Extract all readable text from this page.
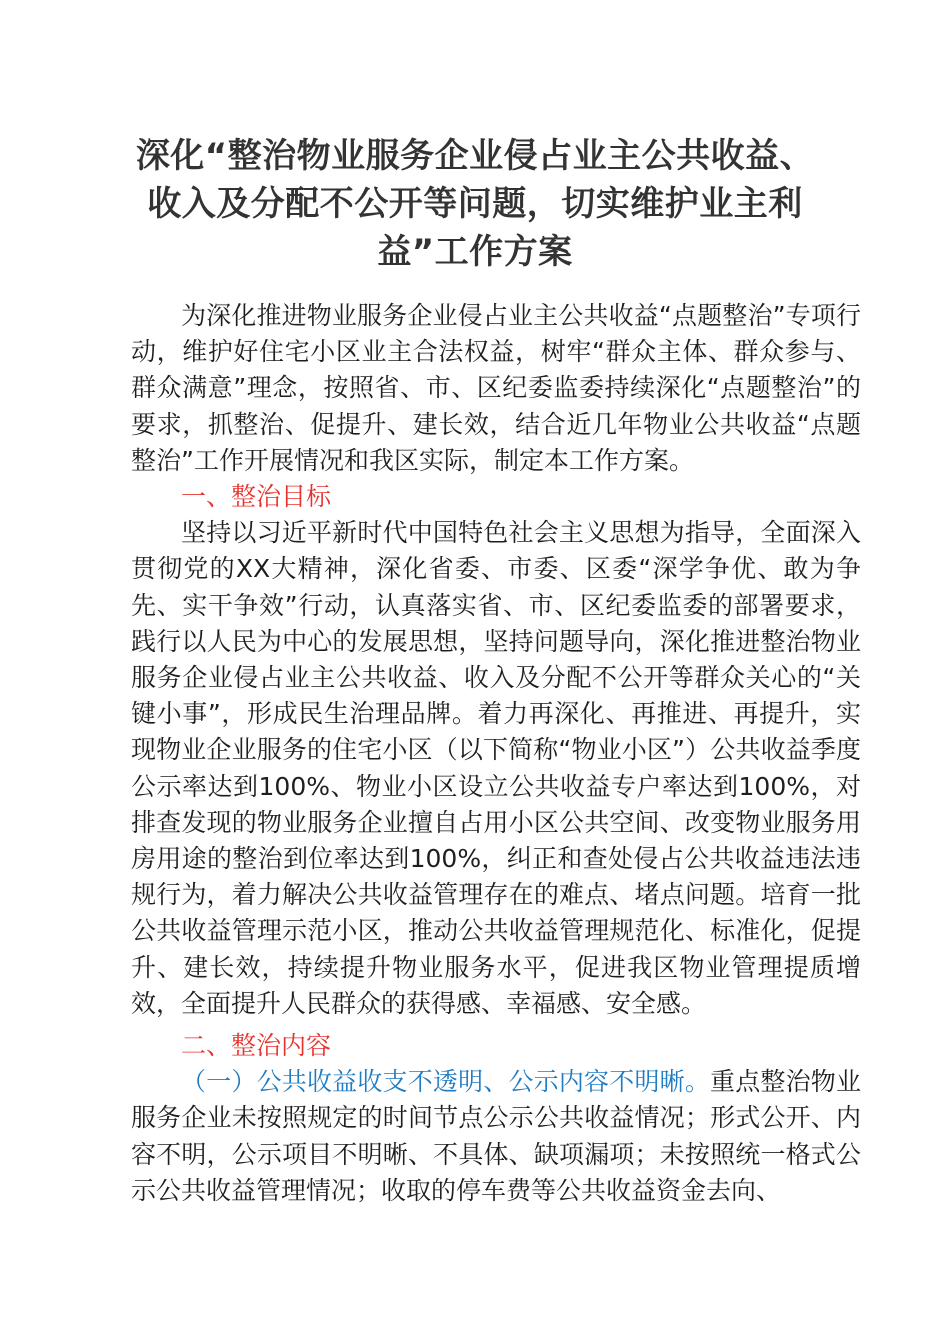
深化“整治物业服务企业侵占业主公共收益、
收入及分配不公开等问题，切实维护业主利
益”工作方案

为深化推进物业服务企业侵占业主公共收益“点题整治”专项行动，维护好住宅小区业主合法权益，树牢“群众主体、群众参与、群众满意”理念，按照省、市、区纪委监委持续深化“点题整治”的要求，抓整治、促提升、建长效，结合近几年物业公共收益“点题整治”工作开展情况和我区实际，制定本工作方案。

一、整治目标

坚持以习近平新时代中国特色社会主义思想为指导，全面深入贯彻党的XX大精神，深化省委、市委、区委“深学争优、敢为争先、实干争效”行动，认真落实省、市、区纪委监委的部署要求，践行以人民为中心的发展思想，坚持问题导向，深化推进整治物业服务企业侵占业主公共收益、收入及分配不公开等群众关心的“关键小事”，形成民生治理品牌。着力再深化、再推进、再提升，实现物业企业服务的住宅小区（以下简称“物业小区”）公共收益季度公示率达到100%、物业小区设立公共收益专户率达到100%，对排查发现的物业服务企业擅自占用小区公共空间、改变物业服务用房用途的整治到位率达到100%，纠正和查处侵占公共收益违法违规行为，着力解决公共收益管理存在的难点、堵点问题。培育一批公共收益管理示范小区，推动公共收益管理规范化、标准化，促提升、建长效，持续提升物业服务水平，促进我区物业管理提质增效，全面提升人民群众的获得感、幸福感、安全感。

二、整治内容

（一）公共收益收支不透明、公示内容不明晰。重点整治物业服务企业未按照规定的时间节点公示公共收益情况；形式公开、内容不明，公示项目不明晰、不具体、缺项漏项；未按照统一格式公示公共收益管理情况；收取的停车费等公共收益资金去向、
